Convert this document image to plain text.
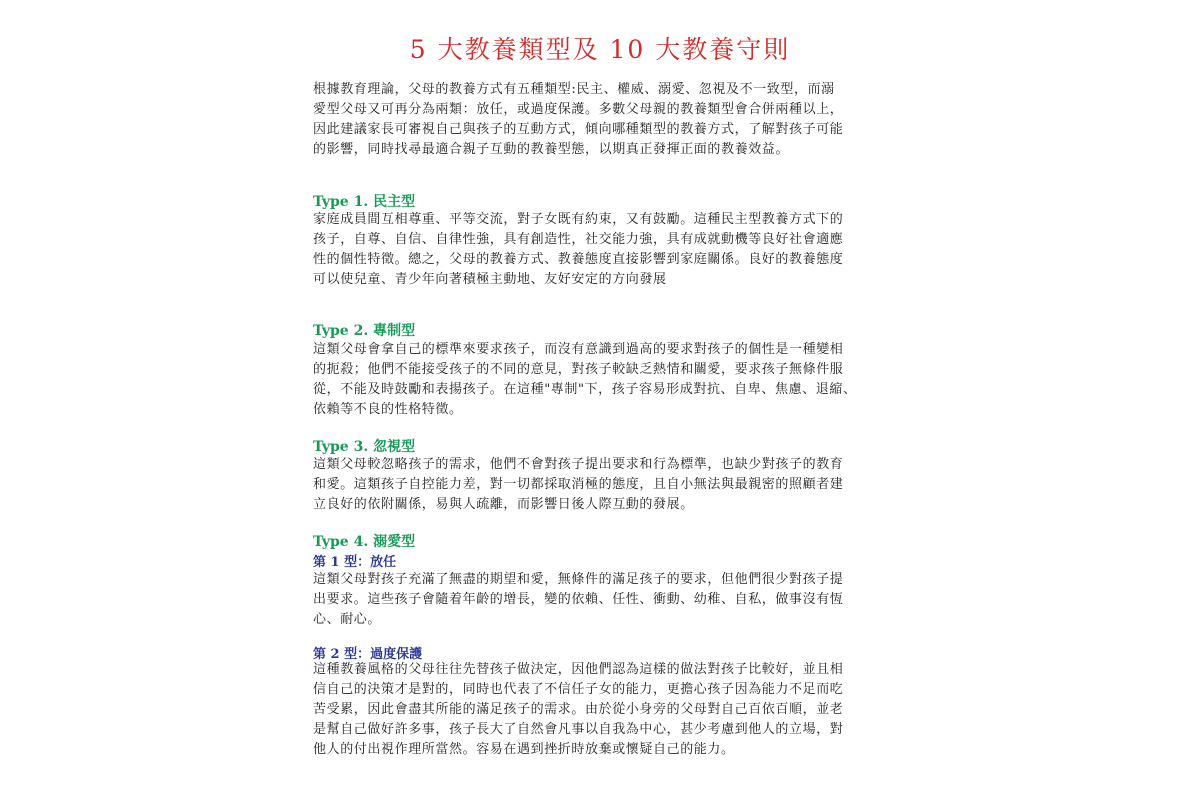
5 大教養類型及 10 大教養守則

根據教育理論，父母的教養方式有五種類型:民主、權威、溺愛、忽視及不一致型，而溺
愛型父母又可再分為兩類：放任，或過度保護。多數父母親的教養類型會合併兩種以上，
因此建議家長可審視自己與孩子的互動方式，傾向哪種類型的教養方式，了解對孩子可能
的影響，同時找尋最適合親子互動的教養型態，以期真正發揮正面的教養效益。

Type 1. 民主型

家庭成員間互相尊重、平等交流，對子女既有約束，又有鼓勵。這種民主型教養方式下的
孩子，自尊、自信、自律性強，具有創造性，社交能力強，具有成就動機等良好社會適應
性的個性特徵。總之，父母的教養方式、教養態度直接影響到家庭關係。良好的教養態度
可以使兒童、青少年向著積極主動地、友好安定的方向發展

Type 2. 專制型

這類父母會拿自己的標準來要求孩子，而沒有意識到過高的要求對孩子的個性是一種變相
的扼殺；他們不能接受孩子的不同的意見，對孩子較缺乏熱情和關愛，要求孩子無條件服
從，不能及時鼓勵和表揚孩子。在這種"專制"下，孩子容易形成對抗、自卑、焦慮、退縮、
依賴等不良的性格特徵。

Type 3. 忽視型

這類父母較忽略孩子的需求，他們不會對孩子提出要求和行為標準，也缺少對孩子的教育
和愛。這類孩子自控能力差，對一切都採取消極的態度，且自小無法與最親密的照顧者建
立良好的依附關係，易與人疏離，而影響日後人際互動的發展。

Type 4. 溺愛型
第 1 型：放任

這類父母對孩子充滿了無盡的期望和愛，無條件的滿足孩子的要求，但他們很少對孩子提
出要求。這些孩子會隨着年齡的增長，變的依賴、任性、衝動、幼稚、自私，做事沒有恆
心、耐心。

第 2 型：過度保護

這種教養風格的父母往往先替孩子做決定，因他們認為這樣的做法對孩子比較好，並且相
信自己的決策才是對的，同時也代表了不信任子女的能力，更擔心孩子因為能力不足而吃
苦受累，因此會盡其所能的滿足孩子的需求。由於從小身旁的父母對自己百依百順，並老
是幫自己做好許多事，孩子長大了自然會凡事以自我為中心，甚少考慮到他人的立場，對
他人的付出視作理所當然。容易在遇到挫折時放棄或懷疑自己的能力。
